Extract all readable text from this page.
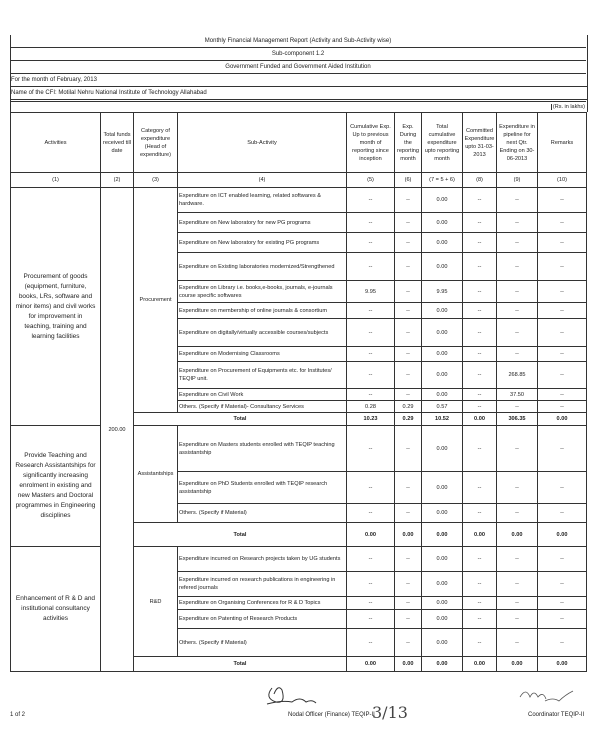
Monthly Financial Management Report (Activity and Sub-Activity wise)
Sub-component 1.2
Government Funded and Government Aided Institution
For the month of February, 2013
Name of the CFI: Motilal Nehru National Institute of Technology Allahabad
(Rs. in lakhs)
Activities	Total funds received till date	Category of expenditure (Head of expenditure)	Sub-Activity	Cumulative Exp. Up to previous month of reporting since inception	Exp. During the reporting month	Total cumulative expenditure upto reporting month	Committed Expenditure upto 31-03-2013	Expenditure in pipeline for next Qtr. Ending on 30-06-2013	Remarks
(1)	(2)	(3)	(4)	(5)	(6)	(7 = 5 + 6)	(8)	(9)	(10)
Procurement of goods (equipment, furniture, books, LRs, software and minor items) and civil works for improvement in teaching, training and learning facilities	200.00	Procurement	Expenditure on ICT enabled learning, related softwares & hardware.	--	--	0.00	--	--	--
			Expenditure on New laboratory for new PG programs	--	--	0.00	--	--	--
			Expenditure on New laboratory for existing PG programs	--	--	0.00	--	--	--
			Expenditure on Existing laboratories modernized/Strengthened	--	--	0.00	--	--	--
			Expenditure on Library i.e. books,e-books, journals, e-journals course specific softwares	9.95	--	9.95	--	--	--
			Expenditure on membership of online journals & consortium	--	--	0.00	--	--	--
			Expenditure on digitally/virtually accessible courses/subjects	--	--	0.00	--	--	--
			Expenditure on Modernising Classrooms	--	--	0.00	--	--	--
			Expenditure on Procurement of Equipments etc. for Institutes/ TEQIP unit.	--	--	0.00	--	268.85	--
			Expenditure on Civil Work	--	--	0.00	--	37.50	--
			Others. (Specify if Material)- Consultancy Services	0.28	0.29	0.57	--	--	--
		Total		10.23	0.29	10.52	0.00	306.35	0.00
Provide Teaching and Research Assistantships for significantly increasing enrolment in existing and new Masters and Doctoral programmes in Engineering disciplines		Assistantships	Expenditure on Masters students enrolled with TEQIP teaching assistantship	--	--	0.00	--	--	--
			Expenditure on PhD Students enrolled with TEQIP research assistantship	--	--	0.00	--	--	--
			Others. (Specify if Material)	--	--	0.00	--	--	--
		Total		0.00	0.00	0.00	0.00	0.00	0.00
Enhancement of R & D and institutional consultancy activities		R&D	Expenditure incurred on Research projects taken by UG students	--	--	0.00	--	--	--
			Expenditure incurred on research publications in engineering in refered journals	--	--	0.00	--	--	--
			Expenditure on Organising Conferences for R & D Topics	--	--	0.00	--	--	--
			Expenditure on Patenting of Research Products	--	--	0.00	--	--	--
			Others. (Specify if Material)	--	--	0.00	--	--	--
		Total		0.00	0.00	0.00	0.00	0.00	0.00
1 of 2	Nodal Officer (Finance) TEQIP-II
3/13	Coordinator TEQIP-II
